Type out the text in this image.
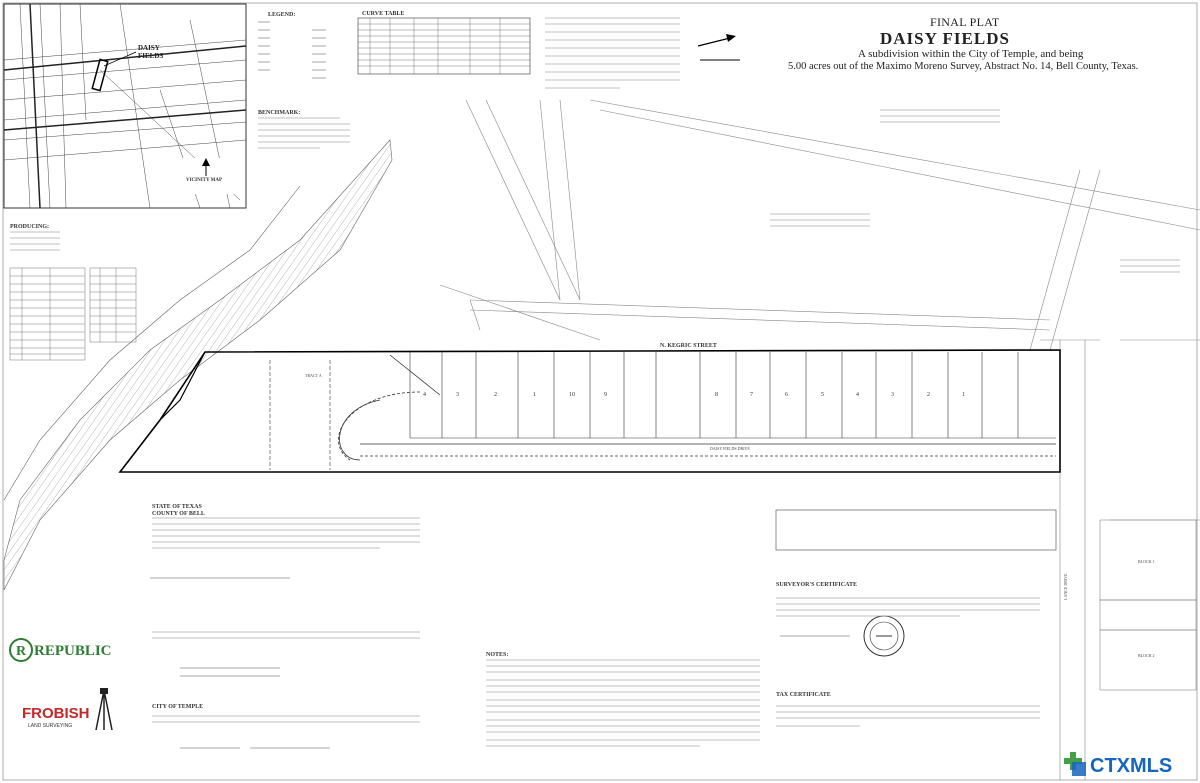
FINAL PLAT
DAISY FIELDS
A subdivision within the City of Temple, and being
5.00 acres out of the Maximo Moreno Survey, Abstract No. 14, Bell County, Texas.
DAISY
FIELDS
VICINITY MAP
LEGEND:	CURVE TABLE
BENCHMARK:
PRODUCING:
NOTES:
SURVEYOR'S CERTIFICATE
TAX CERTIFICATE
STATE OF TEXAS
COUNTY OF BELL
CITY OF TEMPLE
N. KEGRIC STREET
DAISY FIELDS DRIVE
LANCE DRIVE
TRACT A
BLOCK 1
BLOCK 2
4	3	2	1	10	9	8	7	6	5	4	3	2	1
R REPUBLIC
FROBISH
LAND SURVEYING
CTXMLS
